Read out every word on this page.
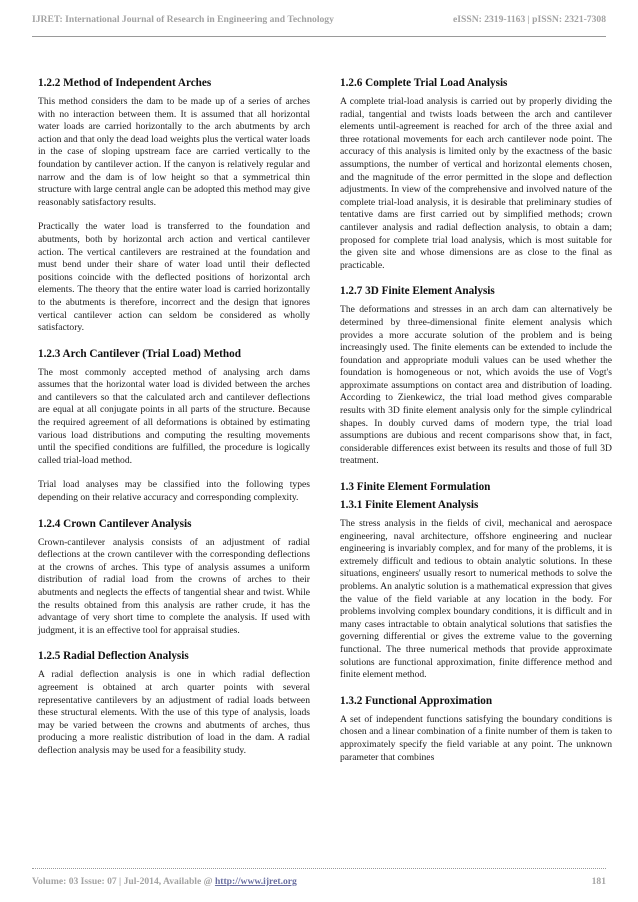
IJRET: International Journal of Research in Engineering and Technology	eISSN: 2319-1163 | pISSN: 2321-7308
1.2.2 Method of Independent Arches

This method considers the dam to be made up of a series of arches with no interaction between them. It is assumed that all horizontal water loads are carried horizontally to the arch abutments by arch action and that only the dead load weights plus the vertical water loads in the case of sloping upstream face are carried vertically to the foundation by cantilever action. If the canyon is relatively regular and narrow and the dam is of low height so that a symmetrical thin structure with large central angle can be adopted this method may give reasonably satisfactory results.

Practically the water load is transferred to the foundation and abutments, both by horizontal arch action and vertical cantilever action. The vertical cantilevers are restrained at the foundation and must bend under their share of water load until their deflected positions coincide with the deflected positions of horizontal arch elements. The theory that the entire water load is carried horizontally to the abutments is therefore, incorrect and the design that ignores vertical cantilever action can seldom be considered as wholly satisfactory.

1.2.3 Arch Cantilever (Trial Load) Method

The most commonly accepted method of analysing arch dams assumes that the horizontal water load is divided between the arches and cantilevers so that the calculated arch and cantilever deflections are equal at all conjugate points in all parts of the structure. Because the required agreement of all deformations is obtained by estimating various load distributions and computing the resulting movements until the specified conditions are fulfilled, the procedure is logically called trial-load method.

Trial load analyses may be classified into the following types depending on their relative accuracy and corresponding complexity.

1.2.4 Crown Cantilever Analysis

Crown-cantilever analysis consists of an adjustment of radial deflections at the crown cantilever with the corresponding deflections at the crowns of arches. This type of analysis assumes a uniform distribution of radial load from the crowns of arches to their abutments and neglects the effects of tangential shear and twist. While the results obtained from this analysis are rather crude, it has the advantage of very short time to complete the analysis. If used with judgment, it is an effective tool for appraisal studies.

1.2.5 Radial Deflection Analysis

A radial deflection analysis is one in which radial deflection agreement is obtained at arch quarter points with several representative cantilevers by an adjustment of radial loads between these structural elements. With the use of this type of analysis, loads may be varied between the crowns and abutments of arches, thus producing a more realistic distribution of load in the dam. A radial deflection analysis may be used for a feasibility study.

1.2.6 Complete Trial Load Analysis

A complete trial-load analysis is carried out by properly dividing the radial, tangential and twists loads between the arch and cantilever elements until-agreement is reached for arch of the three axial and three rotational movements for each arch cantilever node point. The accuracy of this analysis is limited only by the exactness of the basic assumptions, the number of vertical and horizontal elements chosen, and the magnitude of the error permitted in the slope and deflection adjustments. In view of the comprehensive and involved nature of the complete trial-load analysis, it is desirable that preliminary studies of tentative dams are first carried out by simplified methods; crown cantilever analysis and radial deflection analysis, to obtain a dam; proposed for complete trial load analysis, which is most suitable for the given site and whose dimensions are as close to the final as practicable.

1.2.7 3D Finite Element Analysis

The deformations and stresses in an arch dam can alternatively be determined by three-dimensional finite element analysis which provides a more accurate solution of the problem and is being increasingly used. The finite elements can be extended to include the foundation and appropriate moduli values can be used whether the foundation is homogeneous or not, which avoids the use of Vogt's approximate assumptions on contact area and distribution of loading. According to Zienkewicz, the trial load method gives comparable results with 3D finite element analysis only for the simple cylindrical shapes. In doubly curved dams of modern type, the trial load assumptions are dubious and recent comparisons show that, in fact, considerable differences exist between its results and those of full 3D treatment.

1.3 Finite Element Formulation
1.3.1 Finite Element Analysis

The stress analysis in the fields of civil, mechanical and aerospace engineering, naval architecture, offshore engineering and nuclear engineering is invariably complex, and for many of the problems, it is extremely difficult and tedious to obtain analytic solutions. In these situations, engineers' usually resort to numerical methods to solve the problems. An analytic solution is a mathematical expression that gives the value of the field variable at any location in the body. For problems involving complex boundary conditions, it is difficult and in many cases intractable to obtain analytical solutions that satisfies the governing differential or gives the extreme value to the governing functional. The three numerical methods that provide approximate solutions are functional approximation, finite difference method and finite element method.

1.3.2 Functional Approximation

A set of independent functions satisfying the boundary conditions is chosen and a linear combination of a finite number of them is taken to approximately specify the field variable at any point. The unknown parameter that combines

Volume: 03 Issue: 07 | Jul-2014, Available @ http://www.ijret.org	181
